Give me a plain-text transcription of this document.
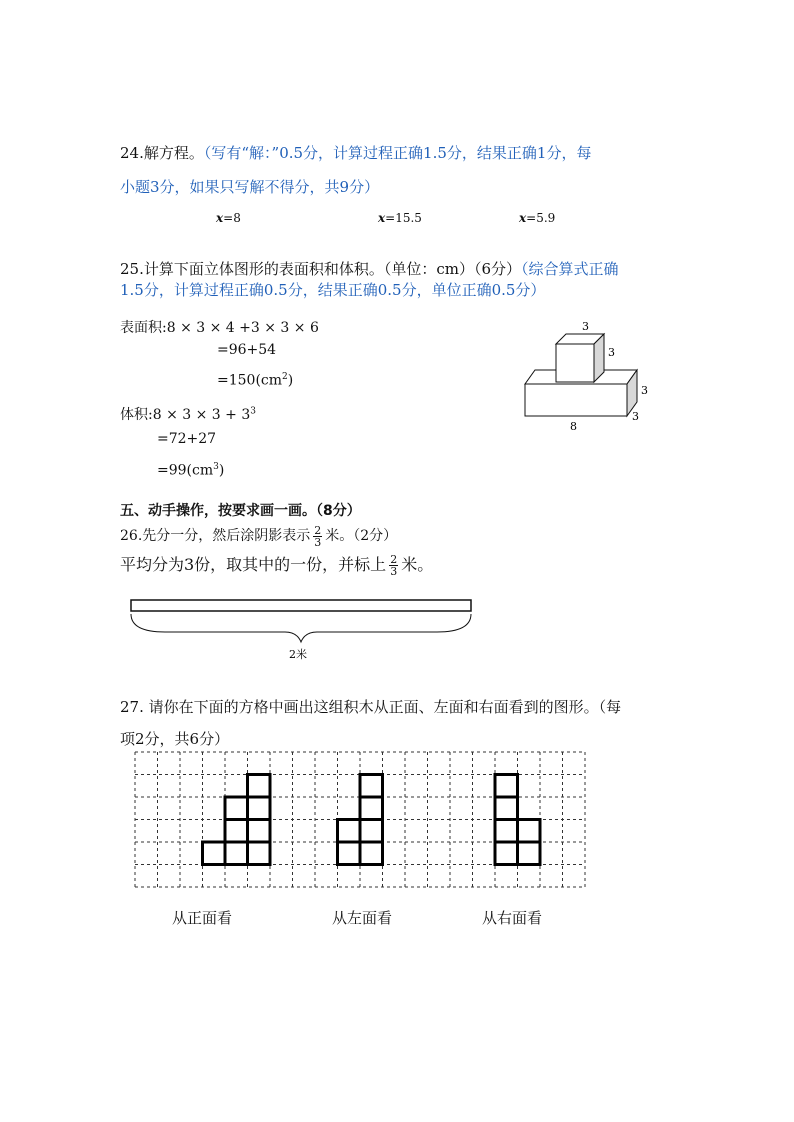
24.解方程。（写有“解：”0.5分，计算过程正确1.5分，结果正确1分，每
小题3分，如果只写解不得分，共9分）
x=8	x=15.5	x=5.9
25.计算下面立体图形的表面积和体积。（单位：cm）（6分）（综合算式正确
1.5分，计算过程正确0.5分，结果正确0.5分，单位正确0.5分）
表面积:8 × 3 × 4 +3 × 3 × 6
=96+54
$=150(cm^2)$
体积:8 × $3 \times 3 + 3^3$
=72+27
$=99(cm^3)$
3
3
3
3
8
五、动手操作，按要求画一画。（8分）
26.先分一分，然后涂阴影表示 $\frac{2}{3}$ 米。（2分）
平均分为3份，取其中的一份，并标上 $\frac{2}{3}$ 米。
2米
27. 请你在下面的方格中画出这组积木从正面、左面和右面看到的图形。（每
项2分，共6分）
从正面看	从左面看	从右面看
